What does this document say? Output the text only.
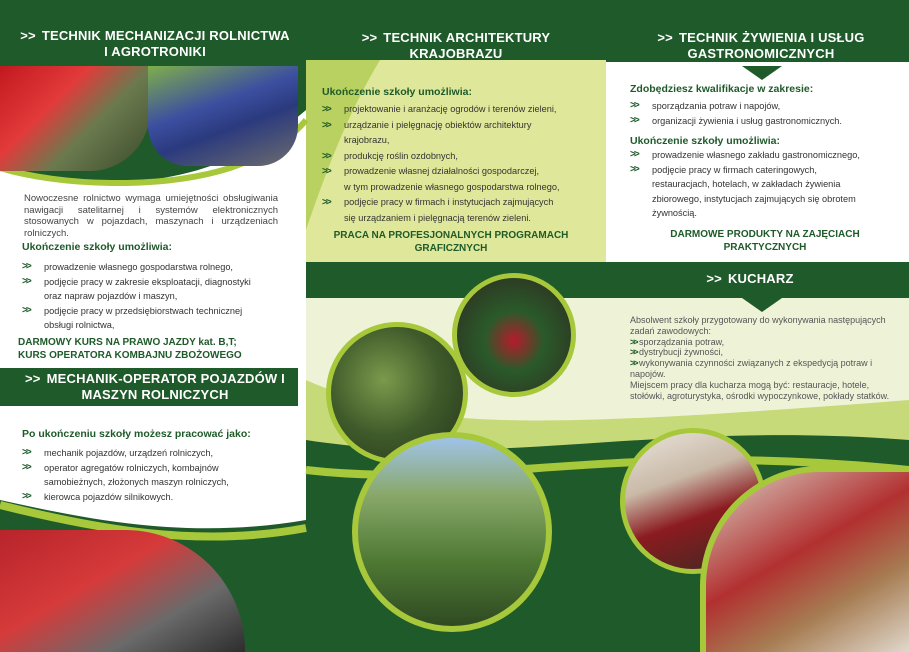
>> TECHNIK MECHANIZACJI ROLNICTWA I AGROTRONIKI
Nowoczesne rolnictwo wymaga umiejętności obsługiwania nawigacji satelitarnej i systemów elektronicznych stosowanych w pojazdach, maszynach i urządzeniach rolniczych.
Ukończenie szkoły umożliwia:
>> prowadzenie własnego gospodarstwa rolnego,
>> podjęcie pracy w zakresie eksploatacji, diagnostyki
oraz napraw pojazdów i maszyn,
>> podjęcie pracy w przedsiębiorstwach technicznej
obsługi rolnictwa,
DARMOWY KURS NA PRAWO JAZDY kat. B,T; KURS OPERATORA KOMBAJNU ZBOŻOWEGO
>> MECHANIK-OPERATOR POJAZDÓW I MASZYN ROLNICZYCH
Po ukończeniu szkoły możesz pracować jako:
>> mechanik pojazdów, urządzeń rolniczych,
>> operator agregatów rolniczych, kombajnów
samobieżnych, złożonych maszyn rolniczych,
>> kierowca pojazdów silnikowych.
>> TECHNIK ARCHITEKTURY KRAJOBRAZU
Ukończenie szkoły umożliwia:
>> projektowanie i aranżację ogrodów i terenów zieleni,
>> urządzanie i pielęgnację obiektów architektury
krajobrazu,
>> produkcję roślin ozdobnych,
>> prowadzenie własnej działalności gospodarczej,
w tym prowadzenie własnego gospodarstwa rolnego,
>> podjęcie pracy w firmach i instytucjach zajmujących
się urządzaniem i pielęgnacją terenów zieleni.
PRACA NA PROFESJONALNYCH PROGRAMACH GRAFICZNYCH
>> TECHNIK ŻYWIENIA I USŁUG GASTRONOMICZNYCH
Zdobędziesz kwalifikacje w zakresie:
>> sporządzania potraw i napojów,
>> organizacji żywienia i usług gastronomicznych.
Ukończenie szkoły umożliwia:
>> prowadzenie własnego zakładu gastronomicznego,
>> podjęcie pracy w firmach cateringowych,
restauracjach, hotelach, w zakładach żywienia
zbiorowego, instytucjach zajmujących się obrotem
żywnością.
DARMOWE PRODUKTY NA ZAJĘCIACH PRAKTYCZNYCH
>> KUCHARZ
Absolwent szkoły przygotowany do wykonywania następujących zadań zawodowych:
>> sporządzania potraw,
>> dystrybucji żywności,
>> wykonywania czynności związanych z ekspedycją potraw i napojów.
Miejscem pracy dla kucharza mogą być: restauracje, hotele, stołówki, agroturystyka, ośrodki wypoczynkowe, pokłady statków.
